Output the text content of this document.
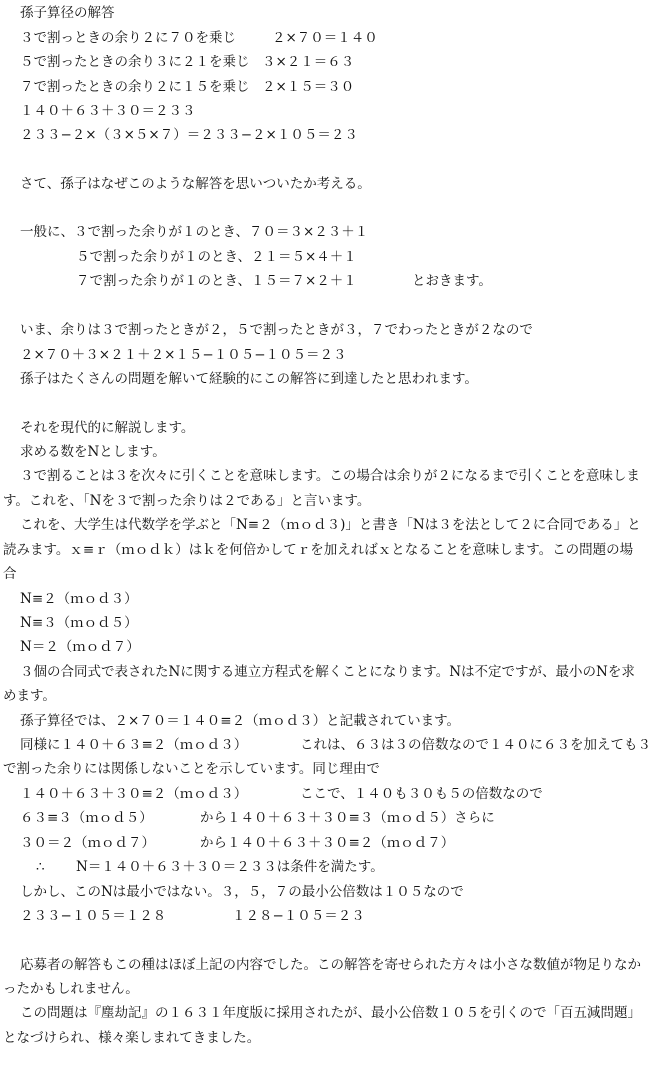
孫子算径の解答
３で割っときの余り２に７０を乗じ	２×７０＝１４０
５で割ったときの余り３に２１を乗じ ３×２１＝６３
７で割ったときの余り２に１５を乗じ ２×１５＝３０
１４０＋６３＋３０＝２３３
２３３−２×（３×５×７）＝２３３−２×１０５＝２３
さて、孫子はなぜこのような解答を思いついたか考える。
一般に、３で割った余りが１のとき、７０＝３×２３＋１
５で割った余りが１のとき、２１＝５×４＋１
７で割った余りが１のとき、１５＝７×２＋１	とおきます。
いま、余りは３で割ったときが２，５で割ったときが３，７でわったときが２なので
２×７０＋３×２１＋２×１５−１０５−１０５＝２３
孫子はたくさんの問題を解いて経験的にこの解答に到達したと思われます。
それを現代的に解説します。
求める数をNとします。
３で割ることは３を次々に引くことを意味します。この場合は余りが２になるまで引くことを意味しま
す。これを、「Nを３で割った余りは２である」と言います。
これを、大学生は代数学を学ぶと「N≡２（ｍｏｄ３)」と書き「Nは３を法として２に合同である」と
読みます。ｘ≡ｒ（ｍｏｄｋ）はｋを何倍かしてｒを加えればｘとなることを意味します。この問題の場
合
N≡２（ｍｏｄ３）
N≡３（ｍｏｄ５）
N＝２（ｍｏｄ７）
３個の合同式で表されたNに関する連立方程式を解くことになります。Nは不定ですが、最小のNを求
めます。
孫子算径では、２×７０＝１４０≡２（ｍｏｄ３）と記載されています。
同様に１４０＋６３≡２（ｍｏｄ３）	これは、６３は３の倍数なので１４０に６３を加えても３
で割った余りには関係しないことを示しています。同じ理由で
１４０＋６３＋３０≡２（ｍｏｄ３）	ここで、１４０も３０も５の倍数なので
６３≡３（ｍｏｄ５）	から１４０＋６３＋３０≡３（ｍｏｄ５）さらに
３０＝２（ｍｏｄ７）	から１４０＋６３＋３０≡２（ｍｏｄ７）
∴ N＝１４０＋６３＋３０＝２３３は条件を満たす。
しかし、このNは最小ではない。３，５，７の最小公倍数は１０５なので
２３３−１０５＝１２８	１２８−１０５＝２３
応募者の解答もこの種はほぼ上記の内容でした。この解答を寄せられた方々は小さな数値が物足りなか
ったかもしれません。
この問題は『塵劫記』の１６３１年度版に採用されたが、最小公倍数１０５を引くので「百五減問題」
となづけられ、様々楽しまれてきました。
